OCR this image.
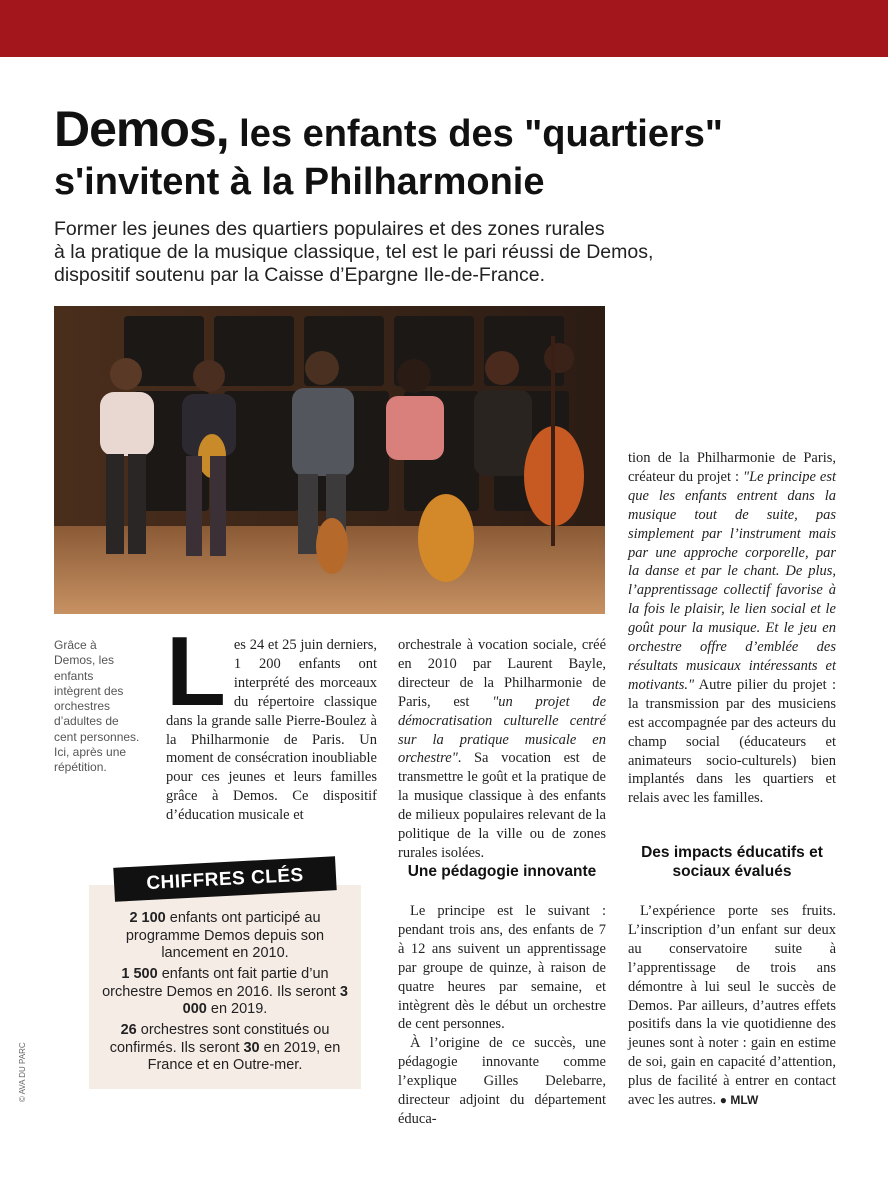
Demos, les enfants des "quartiers"
s'invitent à la Philharmonie

Former les jeunes des quartiers populaires et des zones rurales
à la pratique de la musique classique, tel est le pari réussi de Demos,
dispositif soutenu par la Caisse d’Epargne Ile-de-France.

Grâce à Demos, les enfants intègrent des orchestres d’adultes de cent personnes. Ici, après une répétition.

© AVA DU PARC
L es 24 et 25 juin derniers, 1 200 enfants ont interprété des morceaux du répertoire classique dans la grande salle Pierre-Boulez à la Philharmonie de Paris. Un moment de consécration inoubliable pour ces jeunes et leurs familles grâce à Demos. Ce dispositif d’éducation musicale et

orchestrale à vocation sociale, créé en 2010 par Laurent Bayle, directeur de la Philharmonie de Paris, est "un projet de démocratisation culturelle centré sur la pratique musicale en orchestre". Sa vocation est de transmettre le goût et la pratique de la musique classique à des enfants de milieux populaires relevant de la politique de la ville ou de zones rurales isolées.

tion de la Philharmonie de Paris, créateur du projet : "Le principe est que les enfants entrent dans la musique tout de suite, pas simplement par l’instrument mais par une approche corporelle, par la danse et par le chant. De plus, l’apprentissage collectif favorise à la fois le plaisir, le lien social et le goût pour la musique. Et le jeu en orchestre offre d’emblée des résultats musicaux intéressants et motivants." Autre pilier du projet : la transmission par des musiciens est accompagnée par des acteurs du champ social (éducateurs et animateurs socio-culturels) bien implantés dans les quartiers et relais avec les familles.

Une pédagogie innovante
Des impacts éducatifs et sociaux évalués

Le principe est le suivant : pendant trois ans, des enfants de 7 à 12 ans suivent un apprentissage par groupe de quinze, à raison de quatre heures par semaine, et intègrent dès le début un orchestre de cent personnes.

À l’origine de ce succès, une pédagogie innovante comme l’explique Gilles Delebarre, directeur adjoint du département éduca-

L’expérience porte ses fruits. L’inscription d’un enfant sur deux au conservatoire suite à l’apprentissage de trois ans démontre à lui seul le succès de Demos. Par ailleurs, d’autres effets positifs dans la vie quotidienne des jeunes sont à noter : gain en estime de soi, gain en capacité d’attention, plus de facilité à entrer en contact avec les autres. ● MLW

CHIFFRES CLÉS

2 100 enfants ont participé au programme Demos depuis son lancement en 2010.

1 500 enfants ont fait partie d’un orchestre Demos en 2016. Ils seront 3 000 en 2019.

26 orchestres sont constitués ou confirmés. Ils seront 30 en 2019, en France et en Outre-mer.
